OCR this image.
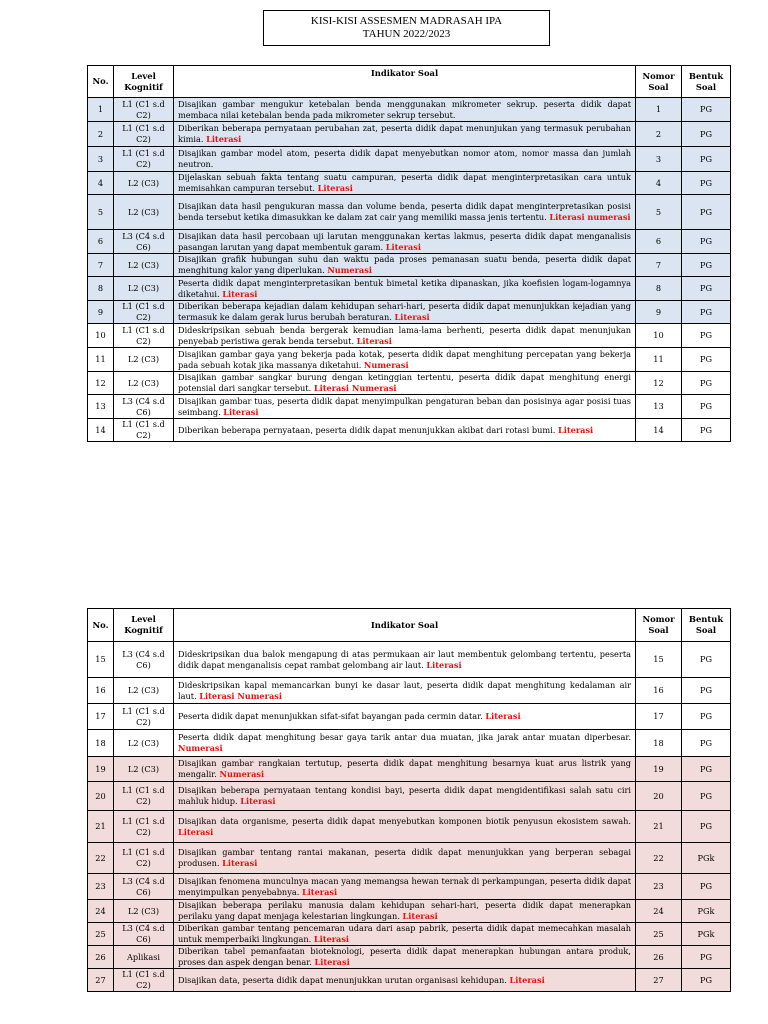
KISI-KISI ASSESMEN MADRASAH IPA
TAHUN 2022/2023
No.	Level Kognitif	Indikator Soal	Nomor Soal	Bentuk Soal
1	L1 (C1 s.d C2)	Disajikan gambar mengukur ketebalan benda menggunakan mikrometer sekrup. peserta didik dapat membaca nilai ketebalan benda pada mikrometer sekrup tersebut.	1	PG
2	L1 (C1 s.d C2)	Diberikan beberapa pernyataan perubahan zat, peserta didik dapat menunjukan yang termasuk perubahan kimia. Literasi	2	PG
3	L1 (C1 s.d C2)	Disajikan gambar model atom, peserta didik dapat menyebutkan nomor atom, nomor massa dan jumlah neutron.	3	PG
4	L2 (C3)	Dijelaskan sebuah fakta tentang suatu campuran, peserta didik dapat menginterpretasikan cara untuk memisahkan campuran tersebut. Literasi	4	PG
5	L2 (C3)	Disajikan data hasil pengukuran massa dan volume benda, peserta didik dapat menginterpretasikan posisi benda tersebut ketika dimasukkan ke dalam zat cair yang memiliki massa jenis tertentu. Literasi numerasi	5	PG
6	L3 (C4 s.d C6)	Disajikan data hasil percobaan uji larutan menggunakan kertas lakmus, peserta didik dapat menganalisis pasangan larutan yang dapat membentuk garam. Literasi	6	PG
7	L2 (C3)	Disajikan grafik hubungan suhu dan waktu pada proses pemanasan suatu benda, peserta didik dapat menghitung kalor yang diperlukan. Numerasi	7	PG
8	L2 (C3)	Peserta didik dapat menginterpretasikan bentuk bimetal ketika dipanaskan, jika koefisien logam-logamnya diketahui. Literasi	8	PG
9	L1 (C1 s.d C2)	Diberikan beberapa kejadian dalam kehidupan sehari-hari, peserta didik dapat menunjukkan kejadian yang termasuk ke dalam gerak lurus berubah beraturan. Literasi	9	PG
10	L1 (C1 s.d C2)	Dideskripsikan sebuah benda bergerak kemudian lama-lama berhenti, peserta didik dapat menunjukan penyebab peristiwa gerak benda tersebut. Literasi	10	PG
11	L2 (C3)	Disajikan gambar gaya yang bekerja pada kotak, peserta didik dapat menghitung percepatan yang bekerja pada sebuah kotak jika massanya diketahui. Numerasi	11	PG
12	L2 (C3)	Disajikan gambar sangkar burung dengan ketinggian tertentu, peserta didik dapat menghitung energi potensial dari sangkar tersebut. Literasi Numerasi	12	PG
13	L3 (C4 s.d C6)	Disajikan gambar tuas, peserta didik dapat menyimpulkan pengaturan beban dan posisinya agar posisi tuas seimbang. Literasi	13	PG
14	L1 (C1 s.d C2)	Diberikan beberapa pernyataan, peserta didik dapat menunjukkan akibat dari rotasi bumi. Literasi	14	PG
No.	Level Kognitif	Indikator Soal	Nomor Soal	Bentuk Soal
15	L3 (C4 s.d C6)	Dideskripsikan dua balok mengapung di atas permukaan air laut membentuk gelombang tertentu, peserta didik dapat menganalisis cepat rambat gelombang air laut. Literasi	15	PG
16	L2 (C3)	Dideskripsikan kapal memancarkan bunyi ke dasar laut, peserta didik dapat menghitung kedalaman air laut. Literasi Numerasi	16	PG
17	L1 (C1 s.d C2)	Peserta didik dapat menunjukkan sifat-sifat bayangan pada cermin datar. Literasi	17	PG
18	L2 (C3)	Peserta didik dapat menghitung besar gaya tarik antar dua muatan, jika jarak antar muatan diperbesar. Numerasi	18	PG
19	L2 (C3)	Disajikan gambar rangkaian tertutup, peserta didik dapat menghitung besarnya kuat arus listrik yang mengalir. Numerasi	19	PG
20	L1 (C1 s.d C2)	Disajikan beberapa pernyataan tentang kondisi bayi, peserta didik dapat mengidentifikasi salah satu ciri mahluk hidup. Literasi	20	PG
21	L1 (C1 s.d C2)	Disajikan data organisme, peserta didik dapat menyebutkan komponen biotik penyusun ekosistem sawah. Literasi	21	PG
22	L1 (C1 s.d C2)	Disajikan gambar tentang rantai makanan, peserta didik dapat menunjukkan yang berperan sebagai produsen. Literasi	22	PGk
23	L3 (C4 s.d C6)	Disajikan fenomena munculnya macan yang memangsa hewan ternak di perkampungan, peserta didik dapat menyimpulkan penyebabnya. Literasi	23	PG
24	L2 (C3)	Disajikan beberapa perilaku manusia dalam kehidupan sehari-hari, peserta didik dapat menerapkan perilaku yang dapat menjaga kelestarian lingkungan. Literasi	24	PGk
25	L3 (C4 s.d C6)	Diberikan gambar tentang pencemaran udara dari asap pabrik, peserta didik dapat memecahkan masalah untuk memperbaiki lingkungan. Literasi	25	PGk
26	Aplikasi	Diberikan tabel pemanfaatan bioteknologi, peserta didik dapat menerapkan hubungan antara produk, proses dan aspek dengan benar. Literasi	26	PG
27	L1 (C1 s.d C2)	Disajikan data, peserta didik dapat menunjukkan urutan organisasi kehidupan. Literasi	27	PG
